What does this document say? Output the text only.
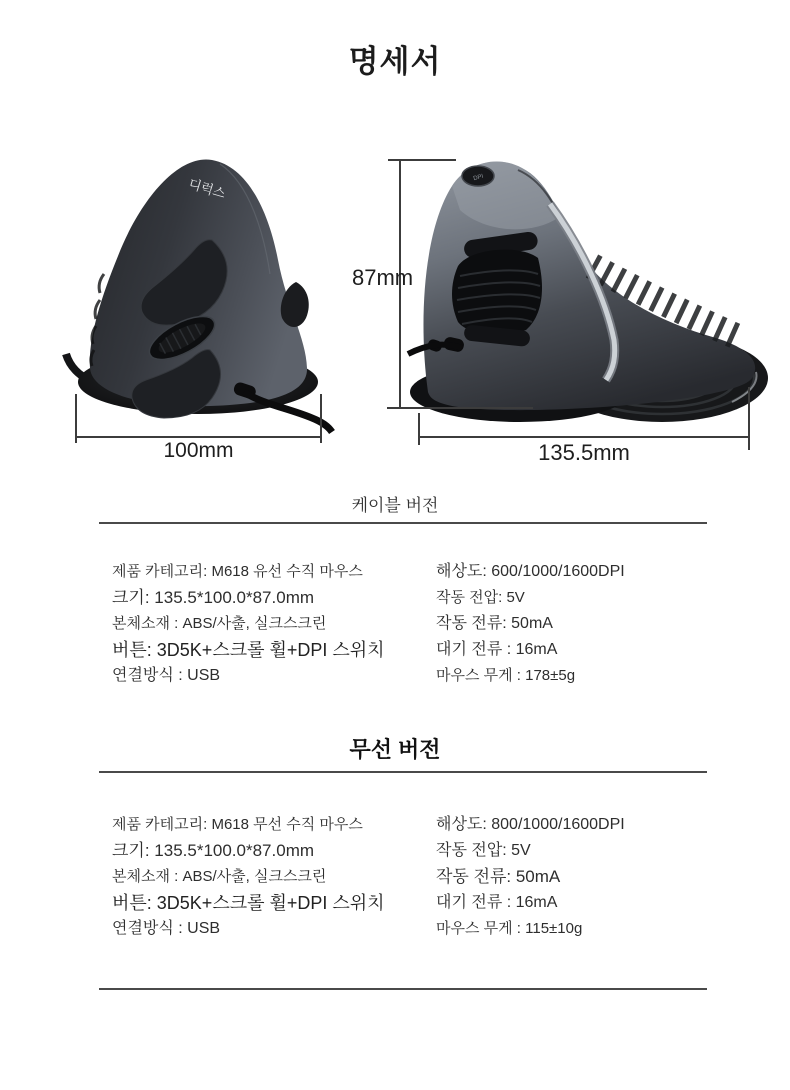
명세서
디럭스	DPI
100mm
87mm
135.5mm
케이블 버전
제품 카테고리: M618 유선 수직 마우스
크기: 135.5*100.0*87.0mm
본체소재 : ABS/사출, 실크스크린
버튼: 3D5K+스크롤 휠+DPI 스위치
연결방식 : USB
해상도: 600/1000/1600DPI
작동 전압: 5V
작동 전류: 50mA
대기 전류 : 16mA
마우스 무게 : 178±5g
무선 버전
제품 카테고리: M618 무선 수직 마우스
크기: 135.5*100.0*87.0mm
본체소재 : ABS/사출, 실크스크린
버튼: 3D5K+스크롤 휠+DPI 스위치
연결방식 : USB
해상도: 800/1000/1600DPI
작동 전압: 5V
작동 전류: 50mA
대기 전류 : 16mA
마우스 무게 : 115±10g
